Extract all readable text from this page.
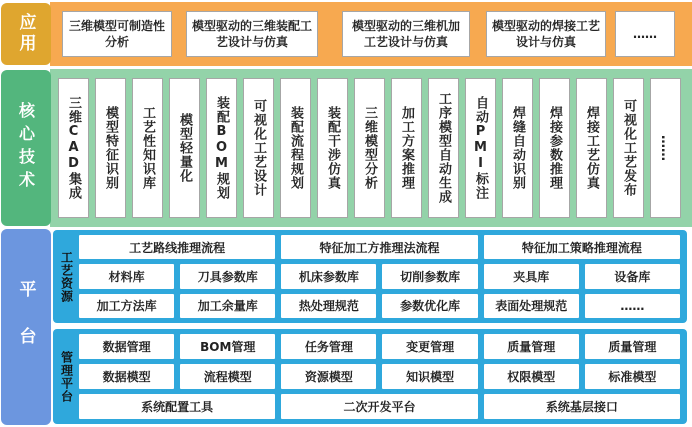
三维模型可制造性分析
模型驱动的三维装配工艺设计与仿真
模型驱动的三维机加工艺设计与仿真
模型驱动的焊接工艺设计与仿真
……
应用
三维CAD集成	模型特征识别	工艺性知识库	模型轻量化	装配BOM规划	可视化工艺设计	装配流程规划	装配干涉仿真	三维模型分析	加工方案推理	工序模型自动生成	自动PMI标注	焊缝自动识别	焊接参数推理	焊接工艺仿真	可视化工艺发布	……
核心技术
平台
工艺资源
工艺路线推理流程	特征加工方推理法流程	特征加工策略推理流程
材料库	刀具参数库	机床参数库	切削参数库	夹具库	设备库
加工方法库	加工余量库	热处理规范	参数优化库	表面处理规范	……
管理平台
数据管理	BOM管理	任务管理	变更管理	质量管理	质量管理
数据模型	流程模型	资源模型	知识模型	权限模型	标准模型
系统配置工具	二次开发平台	系统基层接口
